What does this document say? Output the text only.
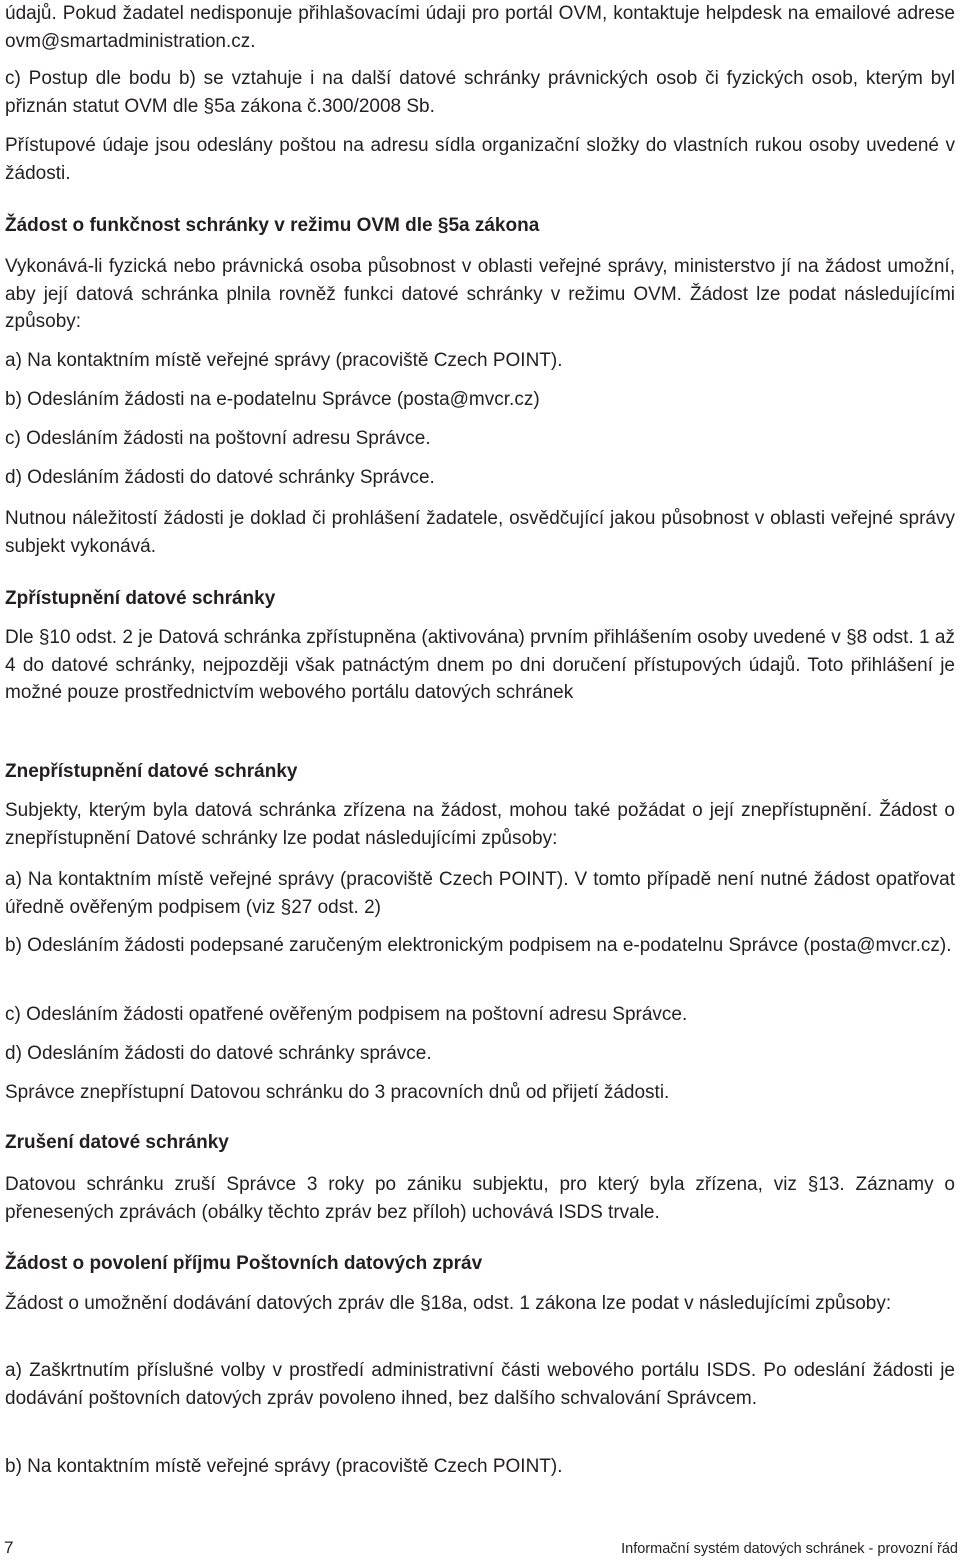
údajů. Pokud žadatel nedisponuje přihlašovacími údaji pro portál OVM, kontaktuje helpdesk na emailové adrese ovm@smartadministration.cz.

c) Postup dle bodu b) se vztahuje i na další datové schránky právnických osob či fyzických osob, kterým byl přiznán statut OVM dle §5a zákona č.300/2008 Sb.

Přístupové údaje jsou odeslány poštou na adresu sídla organizační složky do vlastních rukou osoby uvedené v žádosti.

Žádost o funkčnost schránky v režimu OVM dle §5a zákona

Vykonává-li fyzická nebo právnická osoba působnost v oblasti veřejné správy, ministerstvo jí na žádost umožní, aby její datová schránka plnila rovněž funkci datové schránky v režimu OVM. Žádost lze podat následujícími způsoby:

a) Na kontaktním místě veřejné správy (pracoviště Czech POINT).

b) Odesláním žádosti na e-podatelnu Správce (posta@mvcr.cz)

c) Odesláním žádosti na poštovní adresu Správce.

d) Odesláním žádosti do datové schránky Správce.

Nutnou náležitostí žádosti je doklad či prohlášení žadatele, osvědčující jakou působnost v oblasti veřejné správy subjekt vykonává.

Zpřístupnění datové schránky

Dle §10 odst. 2 je Datová schránka zpřístupněna (aktivována) prvním přihlášením osoby uvedené v §8 odst. 1 až 4 do datové schránky, nejpozději však patnáctým dnem po dni doručení přístupových údajů. Toto přihlášení je možné pouze prostřednictvím webového portálu datových schránek

Znepřístupnění datové schránky

Subjekty, kterým byla datová schránka zřízena na žádost, mohou také požádat o její znepřístupnění. Žádost o znepřístupnění Datové schránky lze podat následujícími způsoby:

a) Na kontaktním místě veřejné správy (pracoviště Czech POINT). V tomto případě není nutné žádost opatřovat úředně ověřeným podpisem (viz §27 odst. 2)

b) Odesláním žádosti podepsané zaručeným elektronickým podpisem na e-podatelnu Správce (posta@mvcr.cz).

c) Odesláním žádosti opatřené ověřeným podpisem na poštovní adresu Správce.

d) Odesláním žádosti do datové schránky správce.

Správce znepřístupní Datovou schránku do 3 pracovních dnů od přijetí žádosti.

Zrušení datové schránky

Datovou schránku zruší Správce 3 roky po zániku subjektu, pro který byla zřízena, viz §13. Záznamy o přenesených zprávách (obálky těchto zpráv bez příloh) uchovává ISDS trvale.

Žádost o povolení příjmu Poštovních datových zpráv

Žádost o umožnění dodávání datových zpráv dle §18a, odst. 1 zákona lze podat v následujícími způsoby:

a) Zaškrtnutím příslušné volby v prostředí administrativní části webového portálu ISDS. Po odeslání žádosti je dodávání poštovních datových zpráv povoleno ihned, bez dalšího schvalování Správcem.

b) Na kontaktním místě veřejné správy (pracoviště Czech POINT).

7	Informační systém datových schránek - provozní řád
